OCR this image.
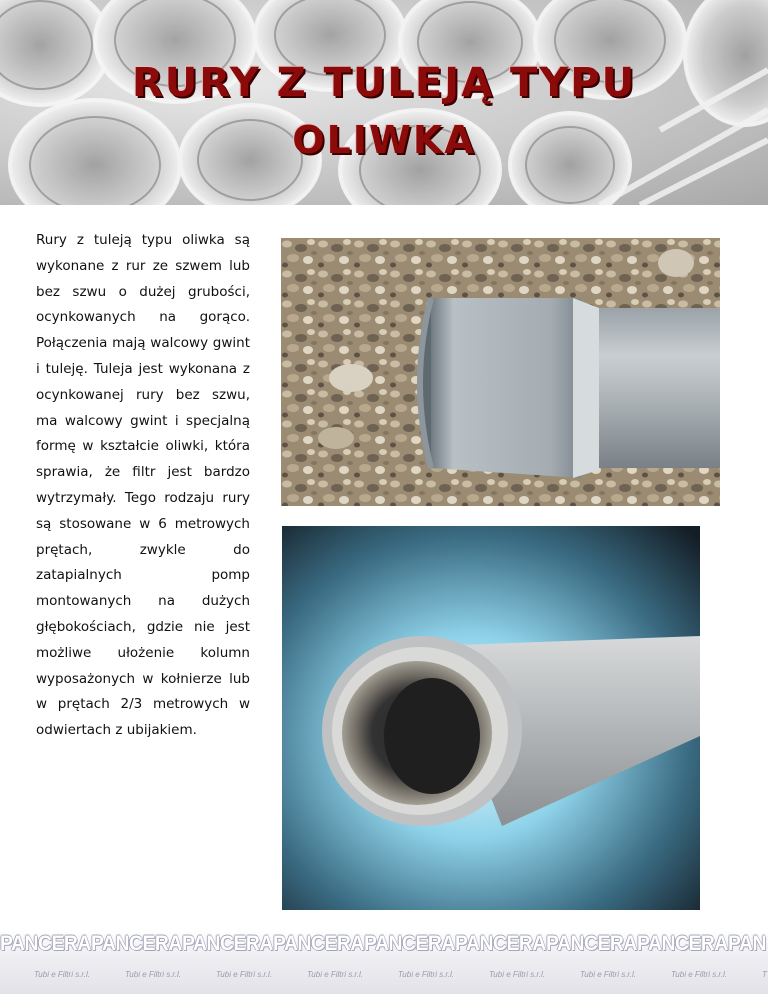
RURY Z TULEJĄ TYPU
OLIWKA

Rury z tuleją typu oliwka są wykonane z rur ze szwem lub bez szwu o dużej grubości, ocynkowanych na gorąco. Połączenia mają walcowy gwint i tuleję. Tuleja jest wykonana z ocynkowanej rury bez szwu, ma walcowy gwint i specjalną formę w kształcie oliwki, która sprawia, że filtr jest bardzo wytrzymały. Tego rodzaju rury są stosowane w 6 metrowych prętach, zwykle do zatapialnych pomp montowanych na dużych głębokościach, gdzie nie jest możliwe ułożenie kolumn wyposażonych w kołnierze lub w prętach 2/3 metrowych w odwiertach z ubijakiem.

PANCERAPANCERAPANCERAPANCERAPANCERAPANCERAPANCERAPANCERAPAN
Tubi e Filtri s.r.l.	Tubi e Filtri s.r.l.	Tubi e Filtri s.r.l.	Tubi e Filtri s.r.l.	Tubi e Filtri s.r.l.	Tubi e Filtri s.r.l.	Tubi e Filtri s.r.l.	Tubi e Filtri s.r.l.	T
